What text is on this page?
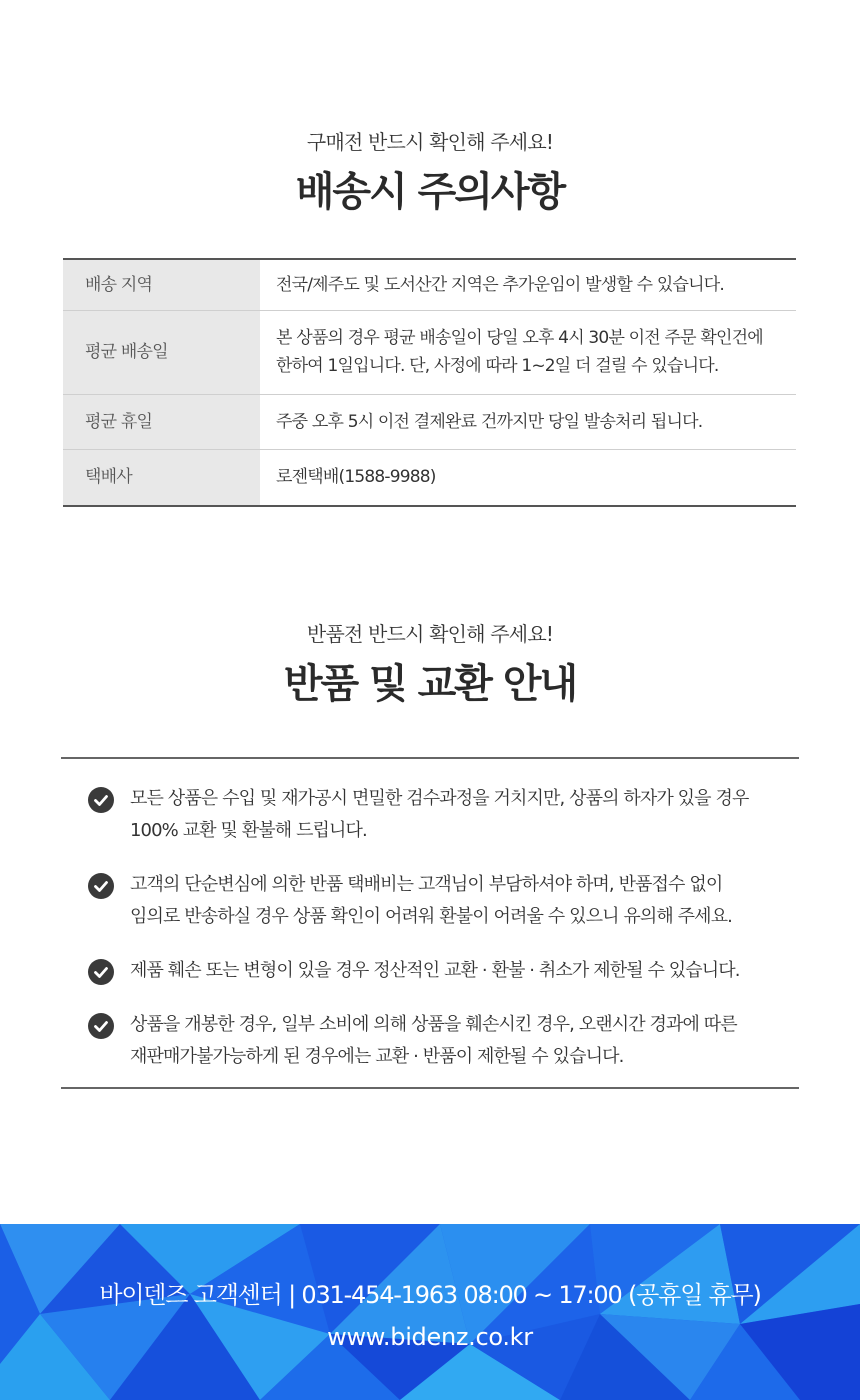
구매전 반드시 확인해 주세요!
배송시 주의사항
배송 지역	전국/제주도 및 도서산간 지역은 추가운임이 발생할 수 있습니다.
평균 배송일	본 상품의 경우 평균 배송일이 당일 오후 4시 30분 이전 주문 확인건에
한하여 1일입니다. 단, 사정에 따라 1~2일 더 걸릴 수 있습니다.
평균 휴일	주중 오후 5시 이전 결제완료 건까지만 당일 발송처리 됩니다.
택배사	로젠택배(1588-9988)
반품전 반드시 확인해 주세요!
반품 및 교환 안내

모든 상품은 수입 및 재가공시 면밀한 검수과정을 거치지만, 상품의 하자가 있을 경우
100% 교환 및 환불해 드립니다.

고객의 단순변심에 의한 반품 택배비는 고객님이 부담하셔야 하며, 반품접수 없이
임의로 반송하실 경우 상품 확인이 어려워 환불이 어려울 수 있으니 유의해 주세요.

제품 훼손 또는 변형이 있을 경우 정산적인 교환 · 환불 · 취소가 제한될 수 있습니다.

상품을 개봉한 경우, 일부 소비에 의해 상품을 훼손시킨 경우, 오랜시간 경과에 따른
재판매가불가능하게 된 경우에는 교환 · 반품이 제한될 수 있습니다.

바이덴즈 고객센터 | 031-454-1963 08:00 ~ 17:00 (공휴일 휴무)
www.bidenz.co.kr
